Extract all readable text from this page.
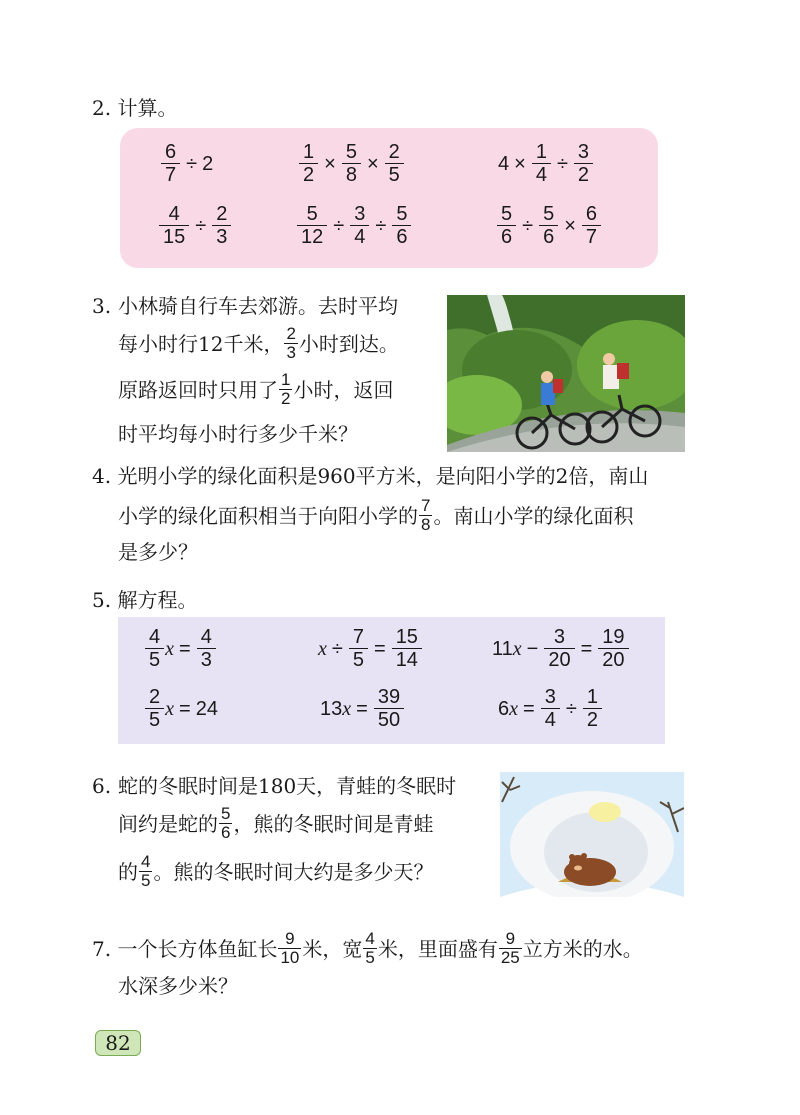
2. 计算。
$\frac{6}{7} \div 2$	$\frac{1}{2} \times \frac{5}{8} \times \frac{2}{5}$	$4 \times \frac{1}{4} \div \frac{3}{2}$
$\frac{4}{15} \div \frac{2}{3}$	$\frac{5}{12} \div \frac{3}{4} \div \frac{5}{6}$	$\frac{5}{6} \div \frac{5}{6} \times \frac{6}{7}$
3. 小林骑自行车去郊游。去时平均
每小时行12千米， 2
3 小时到达。
原路返回时只用了 1
2 小时，返回
时平均每小时行多少千米？
4. 光明小学的绿化面积是960平方米，是向阳小学的2倍，南山
小学的绿化面积相当于向阳小学的 7
8 。南山小学的绿化面积
是多少？
5. 解方程。
$\frac{4}{5}$ $x = \frac{4}{3}$	$x \div \frac{7}{5} = \frac{15}{14}$	11 $x - \frac{3}{20} = \frac{19}{20}$
$\frac{2}{5}$ x = 24	13 $x = \frac{39}{50}$	6 $x = \frac{3}{4} \div \frac{1}{2}$
6. 蛇的冬眠时间是180天，青蛙的冬眠时
间约是蛇的 5
6 ，熊的冬眠时间是青蛙
的 4
5 。熊的冬眠时间大约是多少天？
7. 一个长方体鱼缸长 9
10 米，宽 4
5 米，里面盛有 9
25 立方米的水。
水深多少米？
82
